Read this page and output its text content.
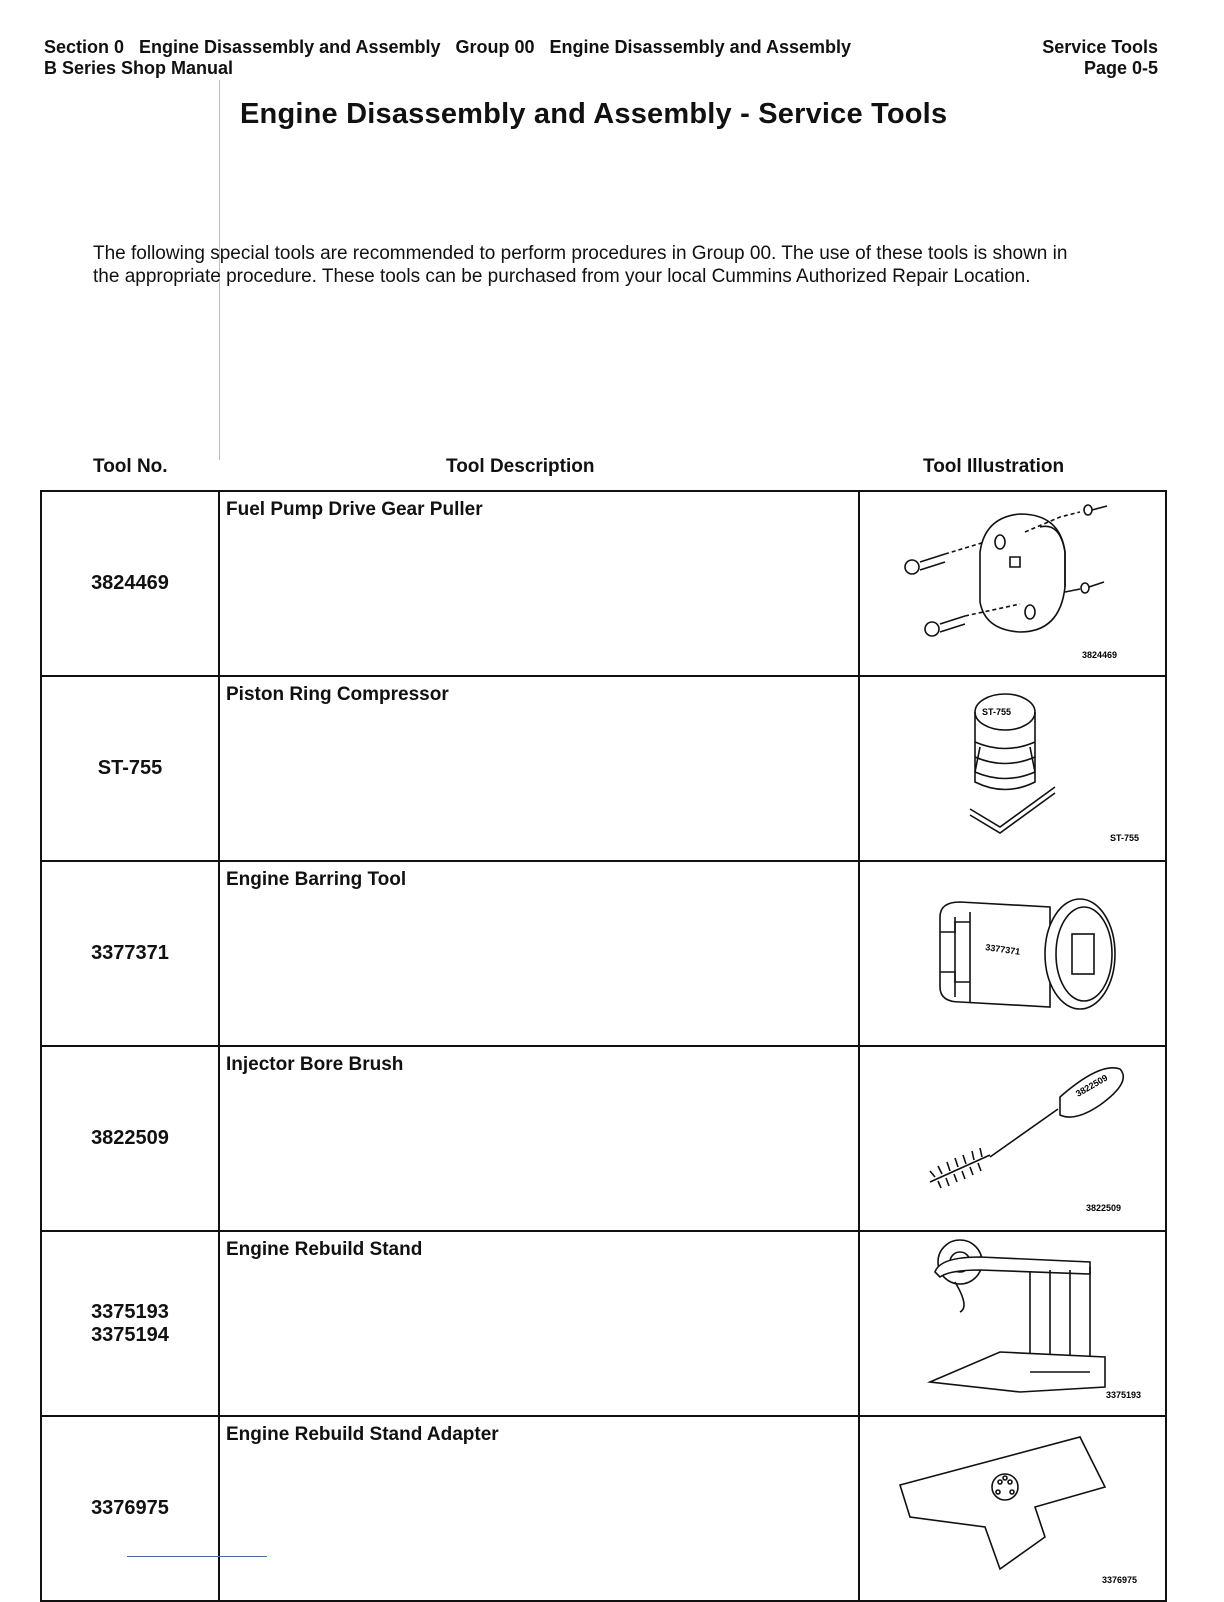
Section 0 Engine Disassembly and Assembly Group 00 Engine Disassembly and Assembly	Service Tools
B Series Shop Manual	Page 0-5
Engine Disassembly and Assembly - Service Tools
The following special tools are recommended to perform procedures in Group 00. The use of these tools is shown in the appropriate procedure. These tools can be purchased from your local Cummins Authorized Repair Location.
Tool No.	Tool Description	Tool Illustration
3824469	Fuel Pump Drive Gear Puller	3824469

ST-755	Piston Ring Compressor	ST-755
ST-755

3377371	Engine Barring Tool	3377371

3822509	Injector Bore Brush	3822509
3822509

3375193
3375194	Engine Rebuild Stand	3375193

3376975	Engine Rebuild Stand Adapter	3376975
